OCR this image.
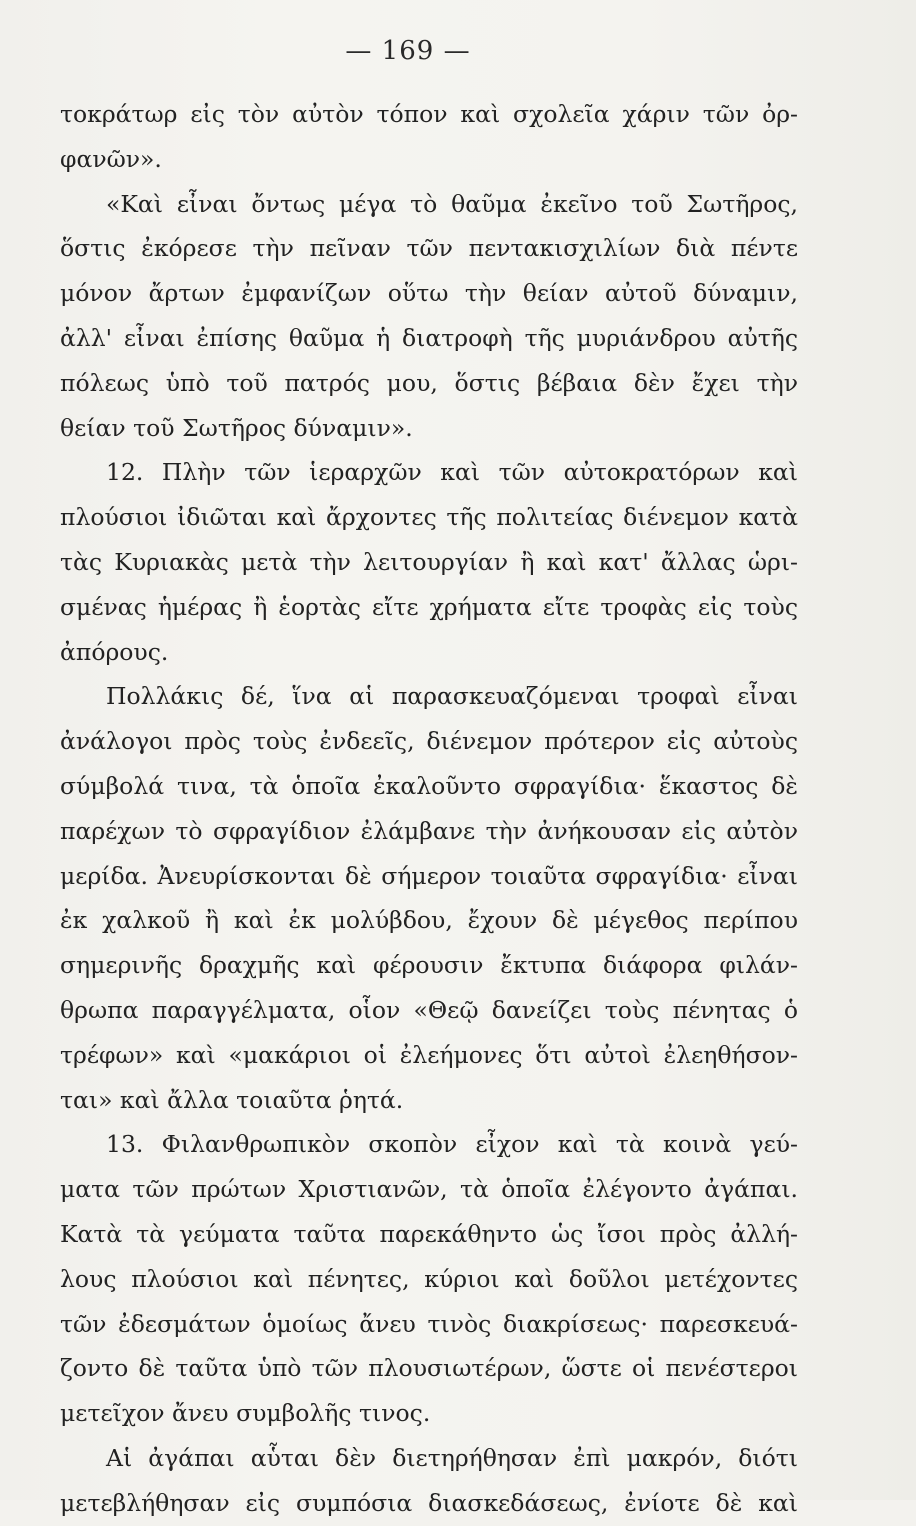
— 169 —
τοκράτωρ εἰς τὸν αὐτὸν τόπον καὶ σχολεῖα χάριν τῶν ὀρ-
φανῶν».
«Καὶ εἶναι ὄντως μέγα τὸ θαῦμα ἐκεῖνο τοῦ Σωτῆρος,
ὅστις ἐκόρεσε τὴν πεῖναν τῶν πεντακισχιλίων διὰ πέντε
μόνον ἄρτων ἐμφανίζων οὕτω τὴν θείαν αὐτοῦ δύναμιν,
ἀλλ' εἶναι ἐπίσης θαῦμα ἡ διατροφὴ τῆς μυριάνδρου αὐτῆς
πόλεως ὑπὸ τοῦ πατρός μου, ὅστις βέβαια δὲν ἔχει τὴν
θείαν τοῦ Σωτῆρος δύναμιν».
12. Πλὴν τῶν ἱεραρχῶν καὶ τῶν αὐτοκρατόρων καὶ
πλούσιοι ἰδιῶται καὶ ἄρχοντες τῆς πολιτείας διένεμον κατὰ
τὰς Κυριακὰς μετὰ τὴν λειτουργίαν ἢ καὶ κατ' ἄλλας ὡρι-
σμένας ἡμέρας ἢ ἑορτὰς εἴτε χρήματα εἴτε τροφὰς εἰς τοὺς
ἀπόρους.
Πολλάκις δέ, ἵνα αἱ παρασκευαζόμεναι τροφαὶ εἶναι
ἀνάλογοι πρὸς τοὺς ἐνδεεῖς, διένεμον πρότερον εἰς αὐτοὺς
σύμβολά τινα, τὰ ὁποῖα ἐκαλοῦντο σφραγίδια· ἕκαστος δὲ
παρέχων τὸ σφραγίδιον ἐλάμβανε τὴν ἀνήκουσαν εἰς αὐτὸν
μερίδα. Ἀνευρίσκονται δὲ σήμερον τοιαῦτα σφραγίδια· εἶναι
ἐκ χαλκοῦ ἢ καὶ ἐκ μολύβδου, ἔχουν δὲ μέγεθος περίπου
σημερινῆς δραχμῆς καὶ φέρουσιν ἔκτυπα διάφορα φιλάν-
θρωπα παραγγέλματα, οἷον «Θεῷ δανείζει τοὺς πένητας ὁ
τρέφων» καὶ «μακάριοι οἱ ἐλεήμονες ὅτι αὐτοὶ ἐλεηθήσον-
ται» καὶ ἄλλα τοιαῦτα ῥητά.
13. Φιλανθρωπικὸν σκοπὸν εἶχον καὶ τὰ κοινὰ γεύ-
ματα τῶν πρώτων Χριστιανῶν, τὰ ὁποῖα ἐλέγοντο ἀγάπαι.
Κατὰ τὰ γεύματα ταῦτα παρεκάθηντο ὡς ἴσοι πρὸς ἀλλή-
λους πλούσιοι καὶ πένητες, κύριοι καὶ δοῦλοι μετέχοντες
τῶν ἐδεσμάτων ὁμοίως ἄνευ τινὸς διακρίσεως· παρεσκευά-
ζοντο δὲ ταῦτα ὑπὸ τῶν πλουσιωτέρων, ὥστε οἱ πενέστεροι
μετεῖχον ἄνευ συμβολῆς τινος.
Αἱ ἀγάπαι αὗται δὲν διετηρήθησαν ἐπὶ μακρόν, διότι
μετεβλήθησαν εἰς συμπόσια διασκεδάσεως, ἐνίοτε δὲ καὶ
